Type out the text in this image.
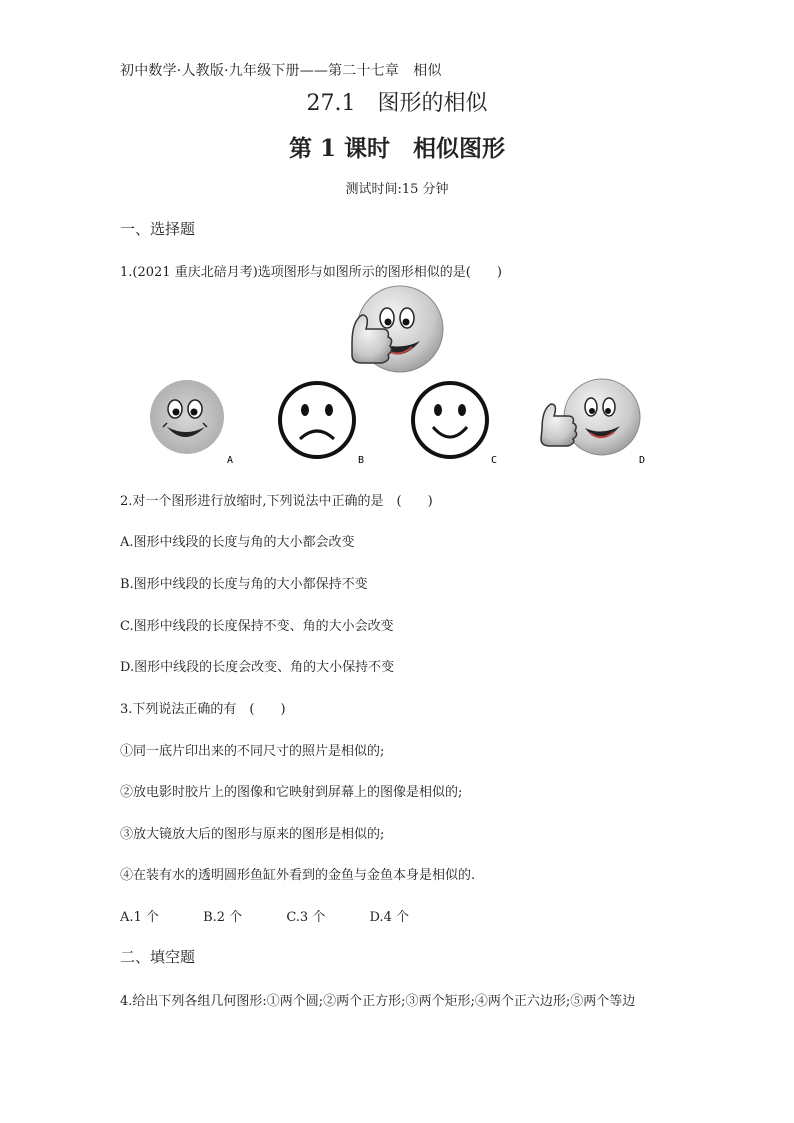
初中数学·人教版·九年级下册——第二十七章　相似
27.1　图形的相似
第 1 课时　相似图形
测试时间:15 分钟
一、选择题
1.(2021 重庆北碚月考)选项图形与如图所示的图形相似的是(　　)
A	B	C	D
2.对一个图形进行放缩时,下列说法中正确的是　(　　)
A.图形中线段的长度与角的大小都会改变
B.图形中线段的长度与角的大小都保持不变
C.图形中线段的长度保持不变、角的大小会改变
D.图形中线段的长度会改变、角的大小保持不变
3.下列说法正确的有　(　　)
①同一底片印出来的不同尺寸的照片是相似的;
②放电影时胶片上的图像和它映射到屏幕上的图像是相似的;
③放大镜放大后的图形与原来的图形是相似的;
④在装有水的透明圆形鱼缸外看到的金鱼与金鱼本身是相似的.
A.1 个	B.2 个	C.3 个	D.4 个
二、填空题
4.给出下列各组几何图形:①两个圆;②两个正方形;③两个矩形;④两个正六边形;⑤两个等边
